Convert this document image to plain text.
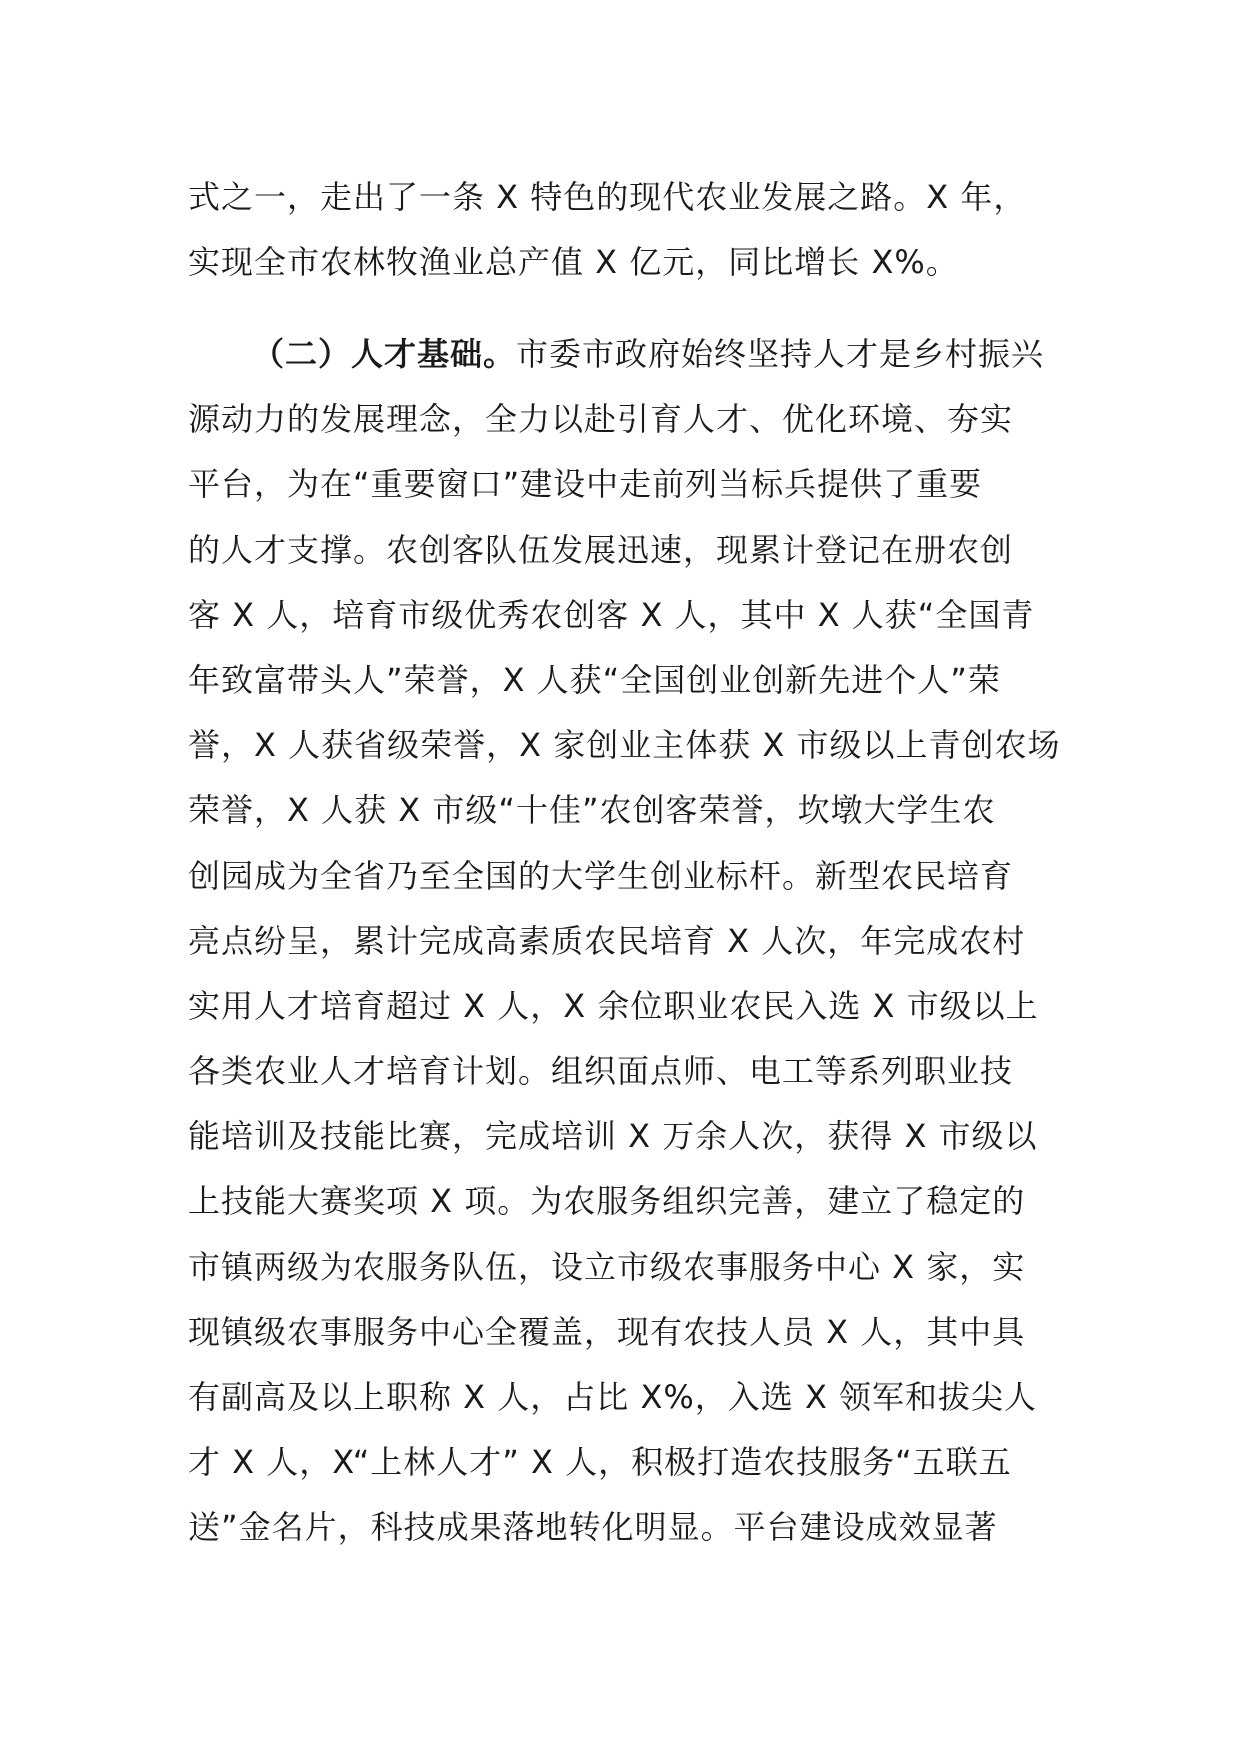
式之一，走出了一条 X 特色的现代农业发展之路。X 年，
实现全市农林牧渔业总产值 X 亿元，同比增长 X%。
（二）人才基础。市委市政府始终坚持人才是乡村振兴
源动力的发展理念，全力以赴引育人才、优化环境、夯实
平台，为在“重要窗口”建设中走前列当标兵提供了重要
的人才支撑。农创客队伍发展迅速，现累计登记在册农创
客 X 人，培育市级优秀农创客 X 人，其中 X 人获“全国青
年致富带头人”荣誉，X 人获“全国创业创新先进个人”荣
誉，X 人获省级荣誉，X 家创业主体获 X 市级以上青创农场
荣誉，X 人获 X 市级“十佳”农创客荣誉，坎墩大学生农
创园成为全省乃至全国的大学生创业标杆。新型农民培育
亮点纷呈，累计完成高素质农民培育 X 人次，年完成农村
实用人才培育超过 X 人，X 余位职业农民入选 X 市级以上
各类农业人才培育计划。组织面点师、电工等系列职业技
能培训及技能比赛，完成培训 X 万余人次，获得 X 市级以
上技能大赛奖项 X 项。为农服务组织完善，建立了稳定的
市镇两级为农服务队伍，设立市级农事服务中心 X 家，实
现镇级农事服务中心全覆盖，现有农技人员 X 人，其中具
有副高及以上职称 X 人，占比 X%，入选 X 领军和拔尖人
才 X 人，X“上林人才” X 人，积极打造农技服务“五联五
送”金名片，科技成果落地转化明显。平台建设成效显著
